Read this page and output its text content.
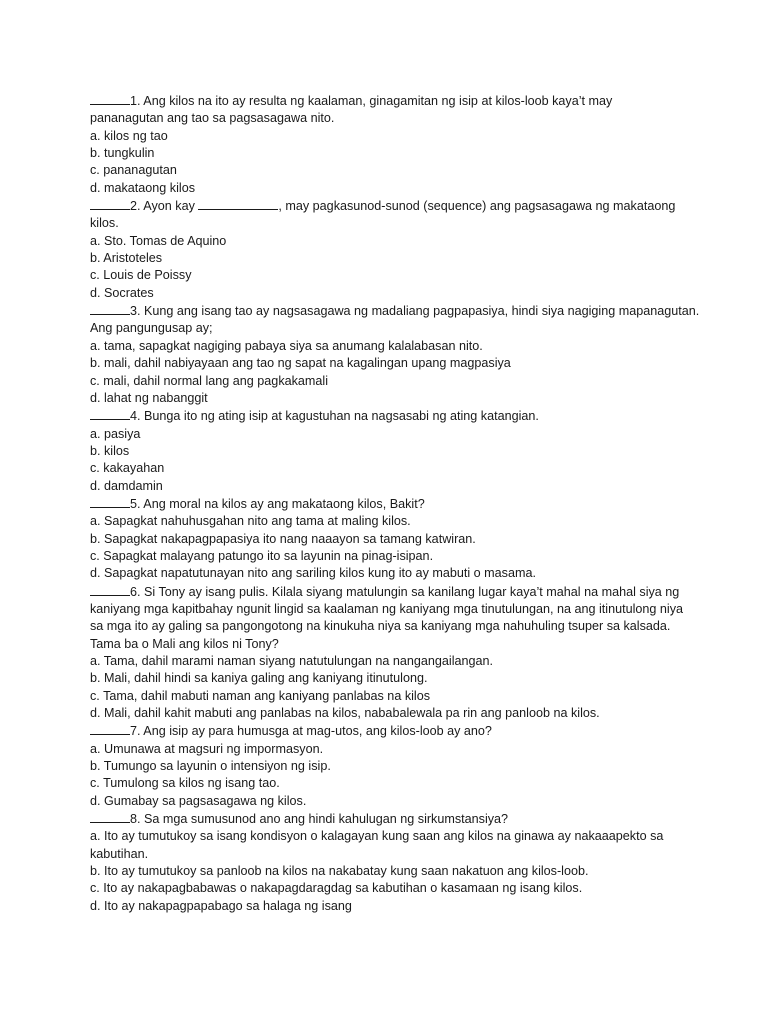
1. Ang kilos na ito ay resulta ng kaalaman, ginagamitan ng isip at kilos-loob kaya’t may
pananagutan ang tao sa pagsasagawa nito.
a. kilos ng tao
b. tungkulin
c. pananagutan
d. makataong kilos
2. Ayon kay	, may pagkasunod-sunod (sequence) ang pagsasagawa ng makataong
kilos.
a. Sto. Tomas de Aquino
b. Aristoteles
c. Louis de Poissy
d. Socrates
3. Kung ang isang tao ay nagsasagawa ng madaliang pagpapasiya, hindi siya nagiging mapanagutan.
Ang pangungusap ay;
a. tama, sapagkat nagiging pabaya siya sa anumang kalalabasan nito.
b. mali, dahil nabiyayaan ang tao ng sapat na kagalingan upang magpasiya
c. mali, dahil normal lang ang pagkakamali
d. lahat ng nabanggit
4. Bunga ito ng ating isip at kagustuhan na nagsasabi ng ating katangian.
a. pasiya
b. kilos
c. kakayahan
d. damdamin
5. Ang moral na kilos ay ang makataong kilos, Bakit?
a. Sapagkat nahuhusgahan nito ang tama at maling kilos.
b. Sapagkat nakapagpapasiya ito nang naaayon sa tamang katwiran.
c. Sapagkat malayang patungo ito sa layunin na pinag-isipan.
d. Sapagkat napatutunayan nito ang sariling kilos kung ito ay mabuti o masama.
6. Si Tony ay isang pulis. Kilala siyang matulungin sa kanilang lugar kaya’t mahal na mahal siya ng
kaniyang mga kapitbahay ngunit lingid sa kaalaman ng kaniyang mga tinutulungan, na ang itinutulong niya
sa mga ito ay galing sa pangongotong na kinukuha niya sa kaniyang mga nahuhuling tsuper sa kalsada.
Tama ba o Mali ang kilos ni Tony?
a. Tama, dahil marami naman siyang natutulungan na nangangailangan.
b. Mali, dahil hindi sa kaniya galing ang kaniyang itinutulong.
c. Tama, dahil mabuti naman ang kaniyang panlabas na kilos
d. Mali, dahil kahit mabuti ang panlabas na kilos, nababalewala pa rin ang panloob na kilos.
7. Ang isip ay para humusga at mag-utos, ang kilos-loob ay ano?
a. Umunawa at magsuri ng impormasyon.
b. Tumungo sa layunin o intensiyon ng isip.
c. Tumulong sa kilos ng isang tao.
d. Gumabay sa pagsasagawa ng kilos.
8. Sa mga sumusunod ano ang hindi kahulugan ng sirkumstansiya?
a. Ito ay tumutukoy sa isang kondisyon o kalagayan kung saan ang kilos na ginawa ay nakaaapekto sa
kabutihan.
b. Ito ay tumutukoy sa panloob na kilos na nakabatay kung saan nakatuon ang kilos-loob.
c. Ito ay nakapagbabawas o nakapagdaragdag sa kabutihan o kasamaan ng isang kilos.
d. Ito ay nakapagpapabago sa halaga ng isang
